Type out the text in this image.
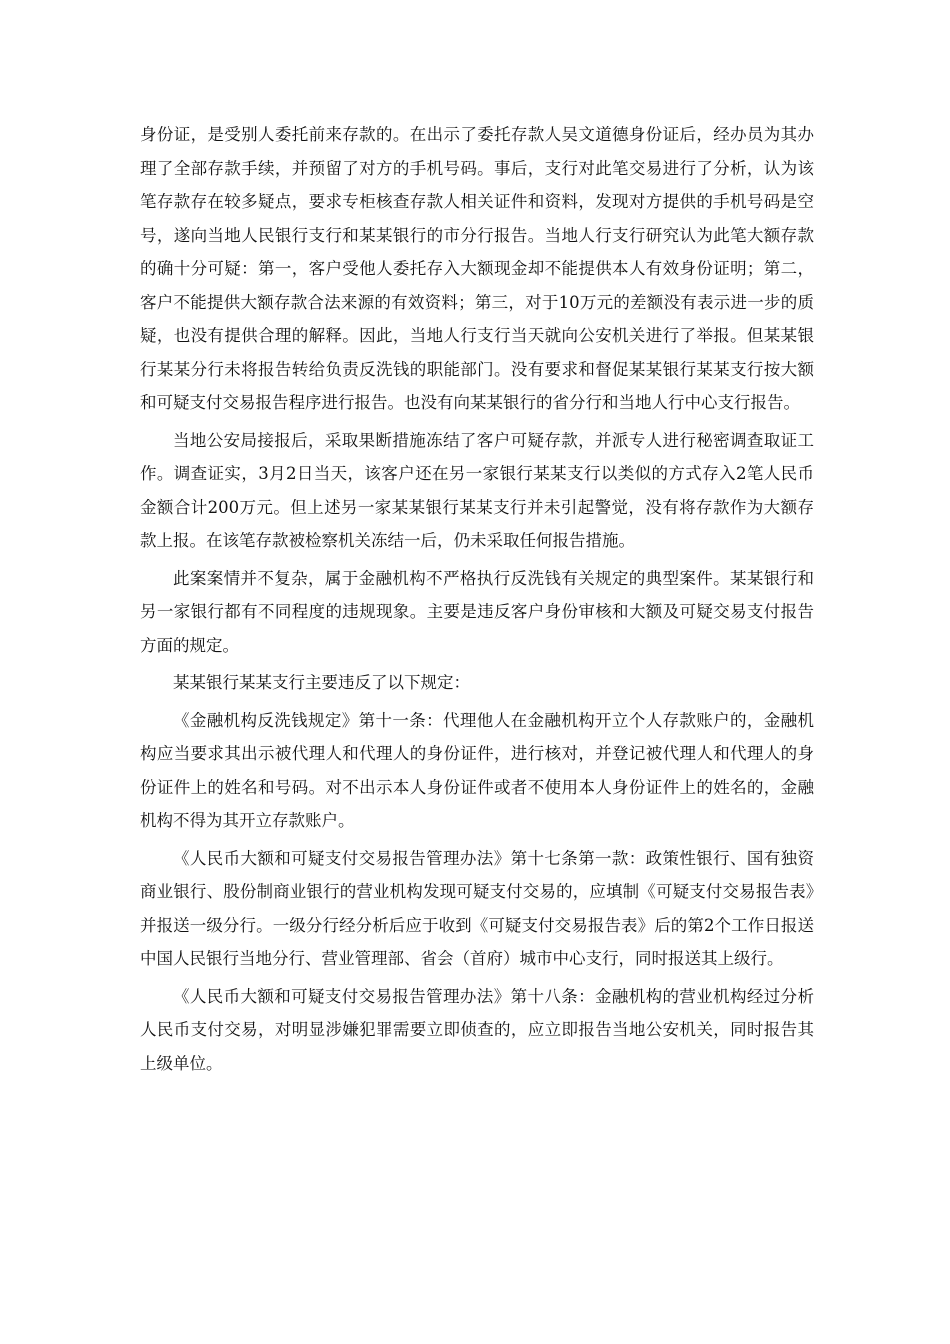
身份证，是受别人委托前来存款的。在出示了委托存款人吴文道德身份证后，经办员为其办理了全部存款手续，并预留了对方的手机号码。事后，支行对此笔交易进行了分析，认为该笔存款存在较多疑点，要求专柜核查存款人相关证件和资料，发现对方提供的手机号码是空号，遂向当地人民银行支行和某某银行的市分行报告。当地人行支行研究认为此笔大额存款的确十分可疑：第一，客户受他人委托存入大额现金却不能提供本人有效身份证明；第二，客户不能提供大额存款合法来源的有效资料；第三，对于10万元的差额没有表示进一步的质疑，也没有提供合理的解释。因此，当地人行支行当天就向公安机关进行了举报。但某某银行某某分行未将报告转给负责反洗钱的职能部门。没有要求和督促某某银行某某支行按大额和可疑支付交易报告程序进行报告。也没有向某某银行的省分行和当地人行中心支行报告。

当地公安局接报后，采取果断措施冻结了客户可疑存款，并派专人进行秘密调查取证工作。调查证实，3月2日当天，该客户还在另一家银行某某支行以类似的方式存入2笔人民币金额合计200万元。但上述另一家某某银行某某支行并未引起警觉，没有将存款作为大额存款上报。在该笔存款被检察机关冻结一后，仍未采取任何报告措施。

此案案情并不复杂，属于金融机构不严格执行反洗钱有关规定的典型案件。某某银行和另一家银行都有不同程度的违规现象。主要是违反客户身份审核和大额及可疑交易支付报告方面的规定。

某某银行某某支行主要违反了以下规定：

《金融机构反洗钱规定》第十一条：代理他人在金融机构开立个人存款账户的，金融机构应当要求其出示被代理人和代理人的身份证件，进行核对，并登记被代理人和代理人的身份证件上的姓名和号码。对不出示本人身份证件或者不使用本人身份证件上的姓名的，金融机构不得为其开立存款账户。

《人民币大额和可疑支付交易报告管理办法》第十七条第一款：政策性银行、国有独资商业银行、股份制商业银行的营业机构发现可疑支付交易的，应填制《可疑支付交易报告表》并报送一级分行。一级分行经分析后应于收到《可疑支付交易报告表》后的第2个工作日报送中国人民银行当地分行、营业管理部、省会（首府）城市中心支行，同时报送其上级行。

《人民币大额和可疑支付交易报告管理办法》第十八条：金融机构的营业机构经过分析人民币支付交易，对明显涉嫌犯罪需要立即侦查的，应立即报告当地公安机关，同时报告其上级单位。
